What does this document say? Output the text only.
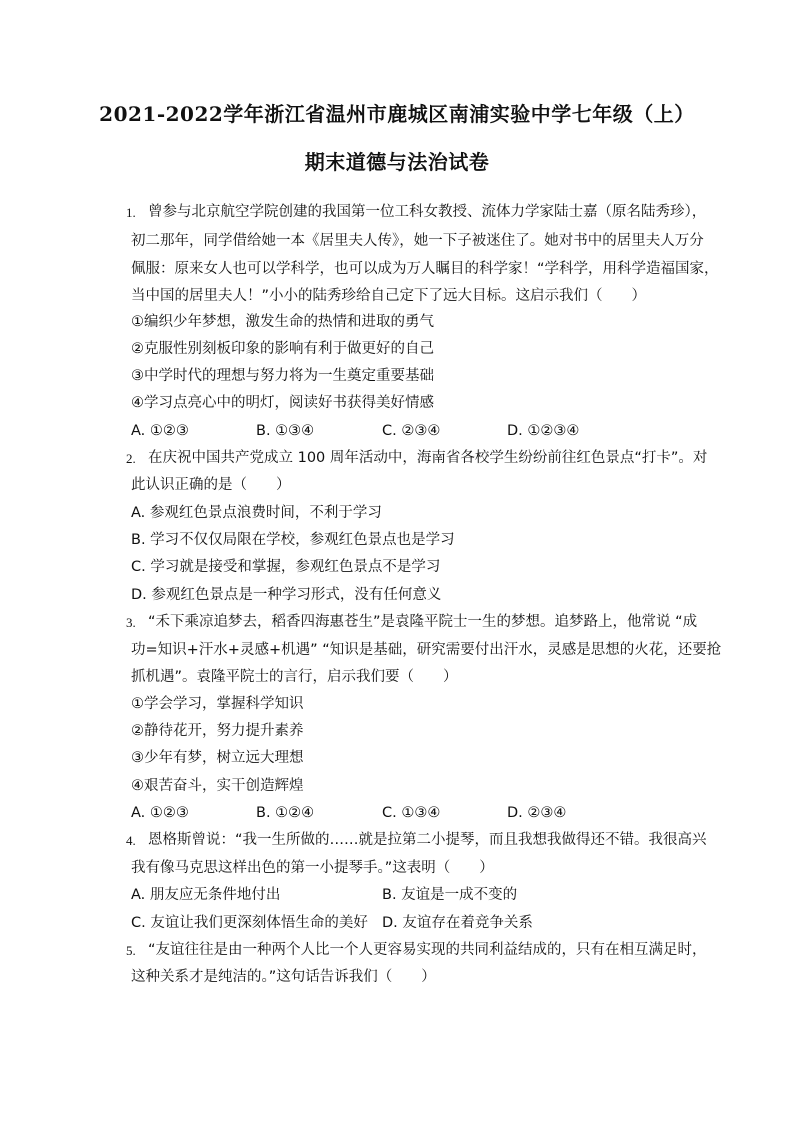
2021-2022学年浙江省温州市鹿城区南浦实验中学七年级（上）
期末道德与法治试卷
1. 曾参与北京航空学院创建的我国第一位工科女教授、流体力学家陆士嘉（原名陆秀珍），
初二那年，同学借给她一本《居里夫人传》，她一下子被迷住了。她对书中的居里夫人万分
佩服：原来女人也可以学科学，也可以成为万人瞩目的科学家！“学科学，用科学造福国家，
当中国的居里夫人！”小小的陆秀珍给自己定下了远大目标。这启示我们（　　）
①编织少年梦想，激发生命的热情和进取的勇气
②克服性别刻板印象的影响有利于做更好的自己
③中学时代的理想与努力将为一生奠定重要基础
④学习点亮心中的明灯，阅读好书获得美好情感
A. ①②③	B. ①③④	C. ②③④	D. ①②③④
2. 在庆祝中国共产党成立 100 周年活动中，海南省各校学生纷纷前往红色景点“打卡”。对
此认识正确的是（　　）
A. 参观红色景点浪费时间，不利于学习
B. 学习不仅仅局限在学校，参观红色景点也是学习
C. 学习就是接受和掌握，参观红色景点不是学习
D. 参观红色景点是一种学习形式，没有任何意义
3. “禾下乘凉追梦去，稻香四海惠苍生”是袁隆平院士一生的梦想。追梦路上，他常说 “成
功=知识+汗水+灵感+机遇” “知识是基础，研究需要付出汗水，灵感是思想的火花，还要抢
抓机遇”。袁隆平院士的言行，启示我们要（　　）
①学会学习，掌握科学知识
②静待花开，努力提升素养
③少年有梦，树立远大理想
④艰苦奋斗，实干创造辉煌
A. ①②③	B. ①②④	C. ①③④	D. ②③④
4. 恩格斯曾说：“我一生所做的……就是拉第二小提琴，而且我想我做得还不错。我很高兴
我有像马克思这样出色的第一小提琴手。”这表明（　　）
A. 朋友应无条件地付出	B. 友谊是一成不变的
C. 友谊让我们更深刻体悟生命的美好 D. 友谊存在着竞争关系
5. “友谊往往是由一种两个人比一个人更容易实现的共同利益结成的，只有在相互满足时，
这种关系才是纯洁的。”这句话告诉我们（　　）
